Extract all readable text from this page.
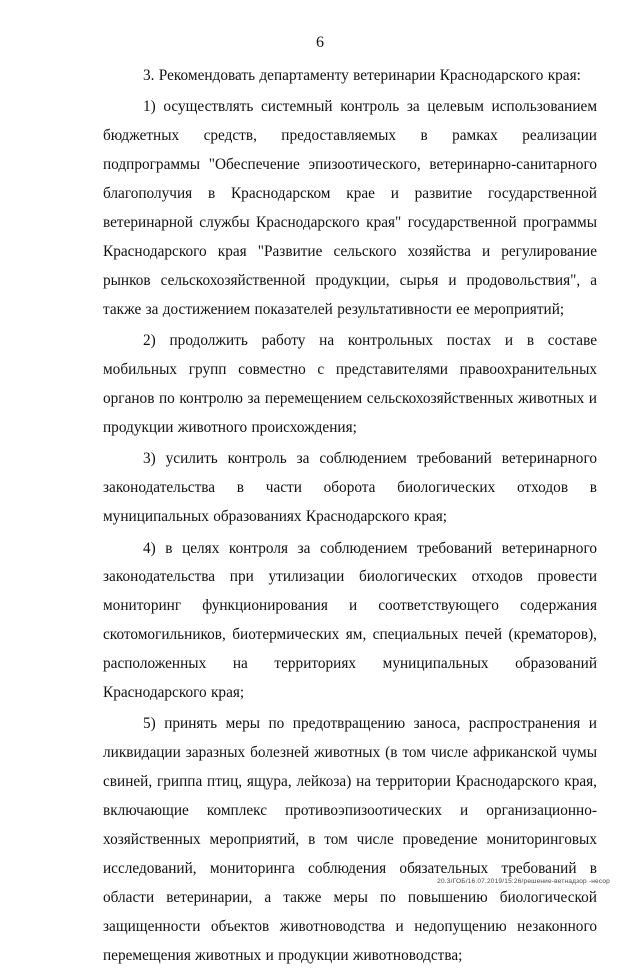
6

3. Рекомендовать департаменту ветеринарии Краснодарского края:

1) осуществлять системный контроль за целевым использованием бюджетных средств, предоставляемых в рамках реализации подпрограммы "Обеспечение эпизоотического, ветеринарно-санитарного благополучия в Краснодарском крае и развитие государственной ветеринарной службы Краснодарского края" государственной программы Краснодарского края "Развитие сельского хозяйства и регулирование рынков сельскохозяйственной продукции, сырья и продовольствия", а также за достижением показателей результативности ее мероприятий;

2) продолжить работу на контрольных постах и в составе мобильных групп совместно с представителями правоохранительных органов по контролю за перемещением сельскохозяйственных животных и продукции животного происхождения;

3) усилить контроль за соблюдением требований ветеринарного законодательства в части оборота биологических отходов в муниципальных образованиях Краснодарского края;

4) в целях контроля за соблюдением требований ветеринарного законодательства при утилизации биологических отходов провести мониторинг функционирования и соответствующего содержания скотомогильников, биотермических ям, специальных печей (крематоров), расположенных на территориях муниципальных образований Краснодарского края;

5) принять меры по предотвращению заноса, распространения и ликвидации заразных болезней животных (в том числе африканской чумы свиней, гриппа птиц, ящура, лейкоза) на территории Краснодарского края, включающие комплекс противоэпизоотических и организационно-хозяйственных мероприятий, в том числе проведение мониторинговых исследований, мониторинга соблюдения обязательных требований в области ветеринарии, а также меры по повышению биологической защищенности объектов животноводства и недопущению незаконного перемещения животных и продукции животноводства;

20.3/ГОБ/16.07.2019/15:26/решение-ветнадзор -несор
